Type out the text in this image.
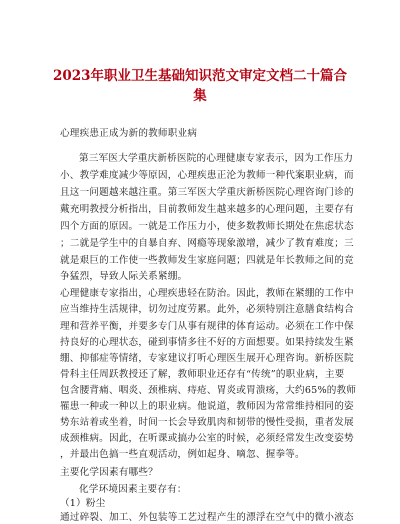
2023年职业卫生基础知识范文审定文档二十篇合
集
心理疾患正成为新的教师职业病
第三军医大学重庆新桥医院的心理健康专家表示，因为工作压力
小、教学难度减少等原因，心理疾患正沦为教师一种代案职业病，而
且这一问题越来越注重。第三军医大学重庆新桥医院心理咨询门诊的
戴充明教授分析指出，目前教师发生越来越多的心理问题，主要存有
四个方面的原因。一就是工作压力小，使多数教师长期处在焦虑状态
；二就是学生中的自暴自弃、网瘾等现象激增，减少了教育难度；三
就是艰巨的工作使一些教师发生家庭问题；四就是年长教师之间的竞
争猛烈，导致人际关系紧绷。
心理健康专家指出，心理疾患轻在防治。因此，教师在紧绷的工作中
应当维持生活规律，切勿过度劳累。此外，必须特别注意膳食结构合
理和营养平衡，并要多专门从事有规律的体育运动。必须在工作中保
持良好的心理状态，碰到事情多往不好的方面想要。如果持续发生紧
绷、抑郁症等情绪，专家建议打听心理医生展开心理咨询。新桥医院
骨科主任周跃教授还了解，教师职业还存有“传统”的职业病，主要
包含腰背痛、咽炎、颈椎病、痔疮、胃炎或胃溃疡，大约65%的教师
罹患一种或一种以上的职业病。他说道，教师因为常常维持相同的姿
势东站着或坐着，时间一长会导致肌肉和韧带的慢性受损，重者发展
成颈椎病。因此，在听课或搞办公室的时候，必须经常发生改变姿势
，并最出色搞一些直观活动，例如起身、嘀忽、握拳等。
主要化学因素有哪些？
化学环境因素主要存有：
（1）粉尘
通过碎裂、加工、外包装等工艺过程产生的漂浮在空气中的微小液态
